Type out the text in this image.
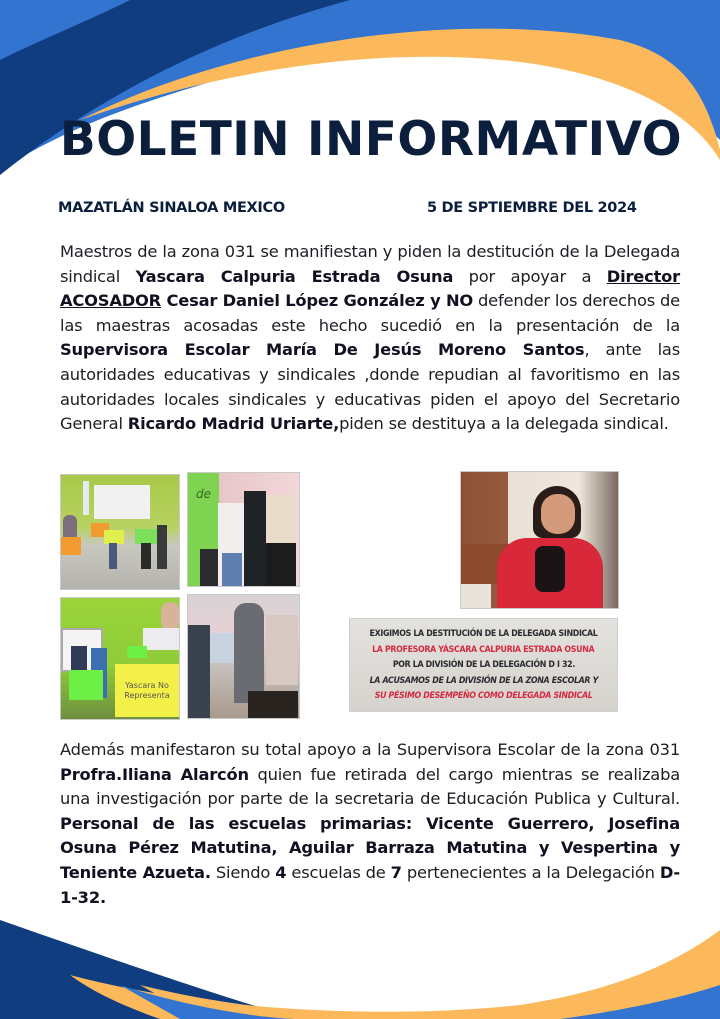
BOLETIN INFORMATIVO
MAZATLÁN SINALOA MEXICO	5 DE SPTIEMBRE DEL 2024
Maestros de la zona 031 se manifiestan y piden la destitución de la Delegada sindical Yascara Calpuria Estrada Osuna por apoyar a Director ACOSADOR Cesar Daniel López González y NO defender los derechos de las maestras acosadas este hecho sucedió en la presentación de la Supervisora Escolar María De Jesús Moreno Santos, ante las autoridades educativas y sindicales ,donde repudian al favoritismo en las autoridades locales sindicales y educativas piden el apoyo del Secretario General Ricardo Madrid Uriarte,piden se destituya a la delegada sindical.
de
Yascara No Representa
EXIGIMOS LA DESTITUCIÓN DE LA DELEGADA SINDICAL
LA PROFESORA YÁSCARA CALPURIA ESTRADA OSUNA
POR LA DIVISIÓN DE LA DELEGACIÓN D I 32.
LA ACUSAMOS DE LA DIVISIÓN DE LA ZONA ESCOLAR Y
SU PÉSIMO DESEMPEÑO COMO DELEGADA SINDICAL
Además manifestaron su total apoyo a la Supervisora Escolar de la zona 031 Profra.Iliana Alarcón quien fue retirada del cargo mientras se realizaba una investigación por parte de la secretaria de Educación Publica y Cultural. Personal de las escuelas primarias: Vicente Guerrero, Josefina Osuna Pérez Matutina, Aguilar Barraza Matutina y Vespertina y Teniente Azueta. Siendo 4 escuelas de 7 pertenecientes a la Delegación D-1-32.
